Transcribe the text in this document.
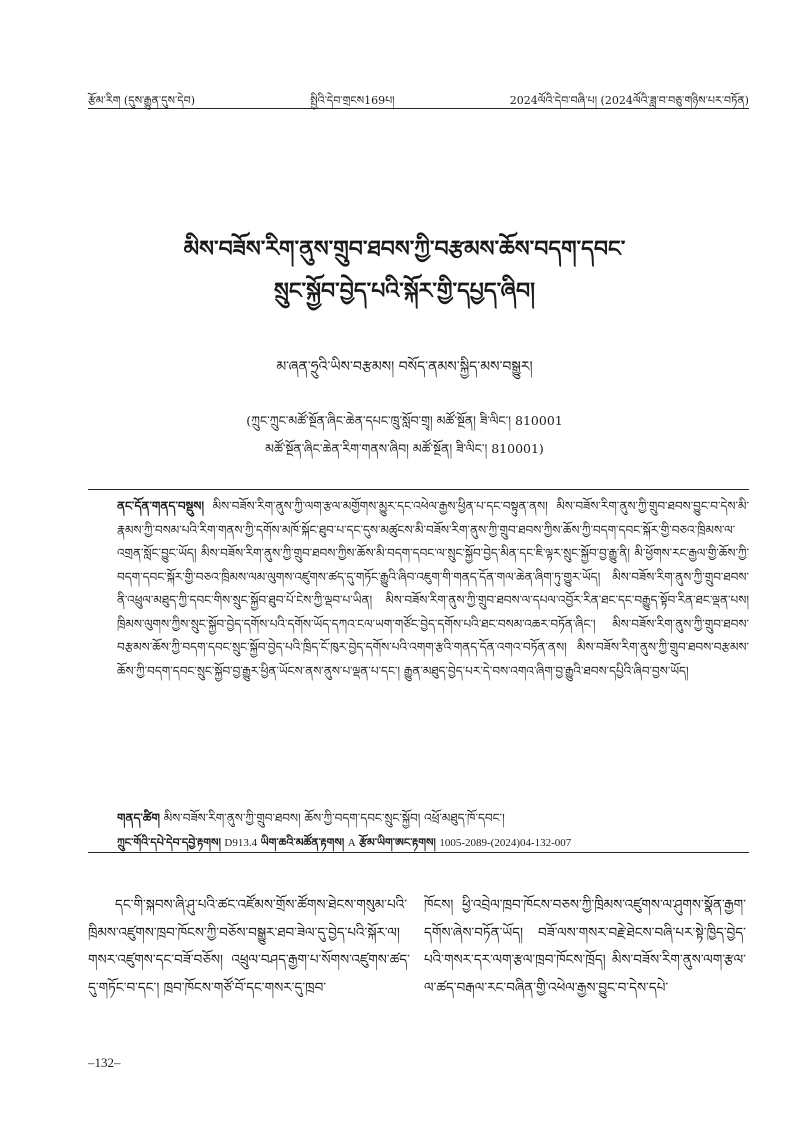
རྩོམ་རིག (དུས་རྒྱུན་དུས་དེབ)	སྤྱིའི་དེབ་གྲངས169པ།	2024ལོའི་དེབ་བཞི་པ། (2024ལོའི་ཟླ་བ་བཅུ་གཉིས་པར་བཏོན)
མིས་བཟོས་རིག་ནུས་གྲུབ་ཐབས་ཀྱི་བརྩམས་ཆོས་བདག་དབང་
སྲུང་སྐྱོབ་བྱེད་པའི་སྐོར་གྱི་དཔྱད་ཞིབ།
མ་ཞན་ཧྲུའི་ཡིས་བརྩམས། བསོད་ནམས་སྐྱིད་མས་བསྒྱུར།
(ཀྲུང་ཀྲུང་མཚོ་སྔོན་ཞིང་ཆེན་དཔང་ཁྲུ་སློབ་གྲྭ། མཚོ་སྔོན། ཟི་ལིང་། 810001
མཚོ་སྔོན་ཞིང་ཆེན་རིག་གནས་ཞིབ། མཚོ་སྔོན། ཟི་ལིང་། 810001)
ནང་དོན་གནད་བསྡུས། མིས་བཟོས་རིག་ནུས་ཀྱི་ལག་རྩལ་མགྱོགས་མྱུར་དང་འཕེལ་རྒྱས་ཕྱིན་པ་དང་བསྟུན་ནས། མིས་བཟོས་རིག་ནུས་ཀྱི་གྲུབ་ཐབས་བྱུང་བ་དེས་མི་རྣམས་ཀྱི་བསམ་པའི་རིག་གནས་ཀྱི་དགོས་མཁོ་སྐོང་ཐུབ་པ་དང་དུས་མཚུངས་མི་བཟོས་རིག་ནུས་ཀྱི་གྲུབ་ཐབས་ཀྱིས་ཆོས་ཀྱི་བདག་དབང་སྐོར་གྱི་བཅའ་ཁྲིམས་ལ་འགྲན་སློང་བྱུང་ཡོད། མིས་བཟོས་རིག་ནུས་ཀྱི་གྲུབ་ཐབས་ཀྱིས་ཆོས་མི་བདག་དབང་ལ་སྲུང་སྐྱོབ་བྱེད་མིན་དང་ཇི་ལྟར་སྲུང་སྐྱོབ་བྱ་རྒྱུ་ནི། མི་ཕྱོགས་རང་རྒྱལ་གྱི་ཆོས་ཀྱི་བདག་དབང་སྐོར་གྱི་བཅའ་ཁྲིམས་ལམ་ལུགས་འཛུགས་ཚད་དུ་གཏོང་རྒྱུའི་ཞིབ་འཇུག་གི་གནད་དོན་གལ་ཆེན་ཞིག་ཏུ་གྱུར་ཡོད། མིས་བཟོས་རིག་ནུས་ཀྱི་གྲུབ་ཐབས་ནི་འཕྲུལ་མཐུད་ཀྱི་དབང་གིས་སྲུང་སྐྱོབ་ཐུབ་པོ་ངེས་ཀྱི་ལྡབ་པ་ཡིན། མིས་བཟོས་རིག་ནུས་ཀྱི་གྲུབ་ཐབས་ལ་དཔལ་འབྱོར་རིན་ཐང་དང་བརྒྱུད་སྟོབ་རིན་ཐང་ལྡན་པས། ཁྲིམས་ལུགས་ཀྱིས་སྲུང་སྐྱོབ་བྱེད་དགོས་པའི་དགོས་ཡོད་དཀའ་ངལ་ཡག་གཙོང་བྱེད་དགོས་པའི་ཐང་བསམ་འཆར་བཏོན་ཞིང་། མིས་བཟོས་རིག་ནུས་ཀྱི་གྲུབ་ཐབས་བརྩམས་ཆོས་ཀྱི་བདག་དབང་སྲུང་སྐྱོབ་བྱེད་པའི་ཁྲིད་ངོ་ཁུར་བྱེད་དགོས་པའི་འགག་རྩའི་གནད་དོན་འགའ་བཏོན་ནས། མིས་བཟོས་རིག་ནུས་ཀྱི་གྲུབ་ཐབས་བརྩམས་ཆོས་ཀྱི་བདག་དབང་སྲུང་སྐྱོབ་བྱ་རྒྱུར་ཕྱིན་ཡོངས་ནས་ནུས་པ་ལྡན་པ་དང་། རྒྱུན་མཐུད་བྱེད་པར་དེ་བས་འགའ་ཞིག་བྱ་རྒྱུའི་ཐབས་དཔྱིའི་ཞིབ་བྱས་ཡོད།
གནད་ཚིག མིས་བཟོས་རིག་ནུས་ཀྱི་གྲུབ་ཐབས། ཆོས་ཀྱི་བདག་དབང་སྲུང་སྐྱོབ། འཕྲོ་མཐུད་ཁོ་དབང་།
ཀྲུང་གོའི་དཔེ་དེབ་དབྱེ་རྟགས། D913.4 ཡིག་ཆའི་མཚོན་རྟགས། A རྩོམ་ཡིག་ཨང་རྟགས། 1005-2089-(2024)04-132-007
དང་གི་སྐབས་ཞི་ཤུ་པའི་ཚང་འཛོམས་གྲོས་ཚོགས་ཐེངས་གསུམ་པའི་ཁྲིམས་འཛུགས་ཁྲབ་ཁོངས་ཀྱི་བཅོས་བསྒྱུར་ཐབ་ཟེལ་དུ་བྱེད་པའི་སྐོར་ལ། གསར་འཛུགས་དང་བཟོ་བཅོས། འཕྲུལ་བཤད་རྒྱག་པ་སོགས་འཛུགས་ཚད་དུ་གཏོང་བ་དང་། ཁྲབ་ཁོངས་གཙོ་བོ་དང་གསར་དུ་ཁྲབ་
ཁོངས། ཕྱི་འབྲེལ་ཁྲབ་ཁོངས་བཅས་ཀྱི་ཁྲིམས་འཛུགས་ལ་ཤུགས་སྣོན་རྒྱག་དགོས་ཞེས་བཏོན་ཡོད། བཟོ་ལས་གསར་བརྗེ་ཐེངས་བཞི་པར་སྟེ་ཁྱིད་བྱེད་པའི་གསར་དར་ལག་རྩལ་ཁྲབ་ཁོངས་ཁྲོད། མིས་བཟོས་རིག་ནུས་ལག་རྩལ་ལ་ཚད་བརྒལ་རང་བཞིན་གྱི་འཕེལ་རྒྱས་བྱུང་བ་དེས་དཔེ་
–132–
